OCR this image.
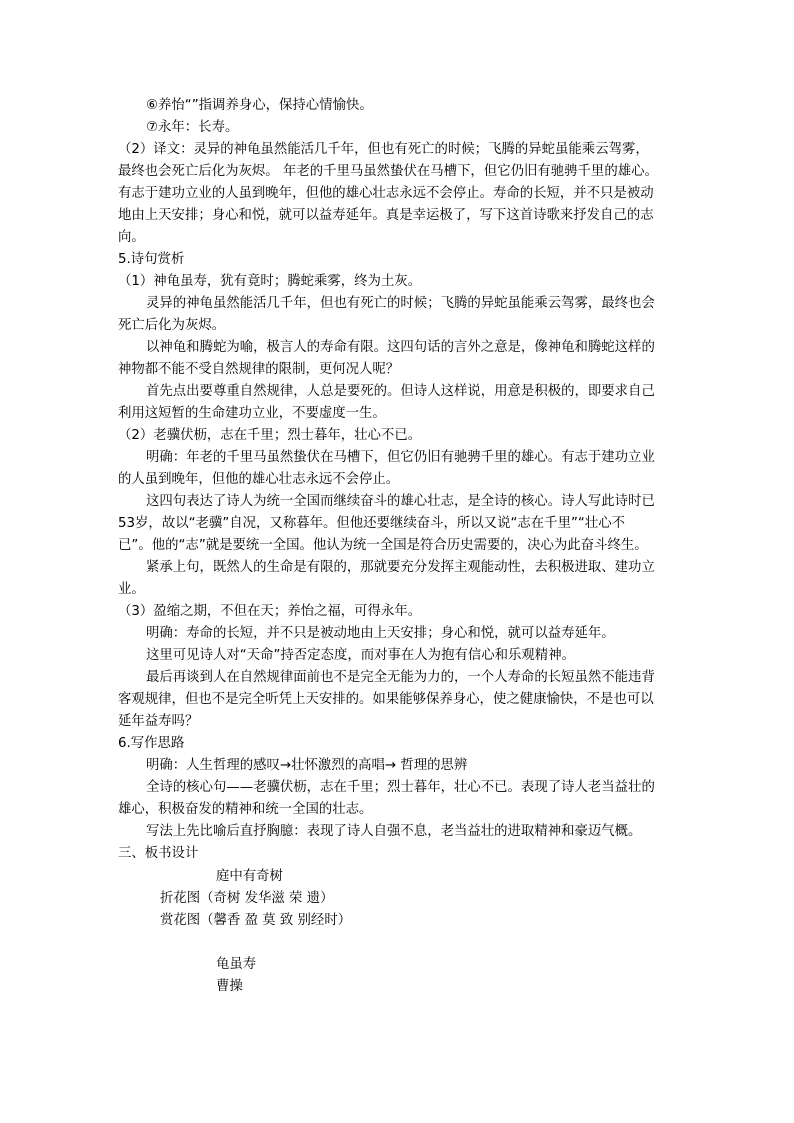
⑥养怡“”指调养身心，保持心情愉快。
⑦永年：长寿。
（2）译文：灵异的神龟虽然能活几千年，但也有死亡的时候；飞腾的异蛇虽能乘云驾雾，
最终也会死亡后化为灰烬。 年老的千里马虽然蛰伏在马槽下，但它仍旧有驰骋千里的雄心。
有志于建功立业的人虽到晚年，但他的雄心壮志永远不会停止。寿命的长短，并不只是被动
地由上天安排；身心和悦，就可以益寿延年。真是幸运极了，写下这首诗歌来抒发自己的志
向。
5.诗句赏析
（1）神龟虽寿，犹有竟时；腾蛇乘雾，终为土灰。
灵异的神龟虽然能活几千年，但也有死亡的时候；飞腾的异蛇虽能乘云驾雾，最终也会
死亡后化为灰烬。
以神龟和腾蛇为喻，极言人的寿命有限。这四句话的言外之意是，像神龟和腾蛇这样的
神物都不能不受自然规律的限制，更何况人呢？
首先点出要尊重自然规律，人总是要死的。但诗人这样说，用意是积极的，即要求自己
利用这短暂的生命建功立业，不要虚度一生。
（2）老骥伏枥，志在千里；烈士暮年，壮心不已。
明确：年老的千里马虽然蛰伏在马槽下，但它仍旧有驰骋千里的雄心。有志于建功立业
的人虽到晚年，但他的雄心壮志永远不会停止。
这四句表达了诗人为统一全国而继续奋斗的雄心壮志，是全诗的核心。诗人写此诗时已
53岁，故以“老骥”自况，又称暮年。但他还要继续奋斗，所以又说“志在千里”“壮心不
已”。他的“志”就是要统一全国。他认为统一全国是符合历史需要的，决心为此奋斗终生。
紧承上句，既然人的生命是有限的，那就要充分发挥主观能动性，去积极进取、建功立
业。
（3）盈缩之期，不但在天；养怡之福，可得永年。
明确：寿命的长短，并不只是被动地由上天安排；身心和悦，就可以益寿延年。
这里可见诗人对“天命”持否定态度，而对事在人为抱有信心和乐观精神。
最后再谈到人在自然规律面前也不是完全无能为力的，一个人寿命的长短虽然不能违背
客观规律，但也不是完全听凭上天安排的。如果能够保养身心，使之健康愉快，不是也可以
延年益寿吗？
6.写作思路
明确：人生哲理的感叹→壮怀激烈的高唱→ 哲理的思辨
全诗的核心句——老骥伏枥，志在千里；烈士暮年，壮心不已。表现了诗人老当益壮的
雄心，积极奋发的精神和统一全国的壮志。
写法上先比喻后直抒胸臆：表现了诗人自强不息，老当益壮的进取精神和豪迈气概。
三、板书设计
庭中有奇树
折花图（奇树 发华滋 荣 遗）
赏花图（馨香 盈 莫 致 别经时）
龟虽寿
曹操
